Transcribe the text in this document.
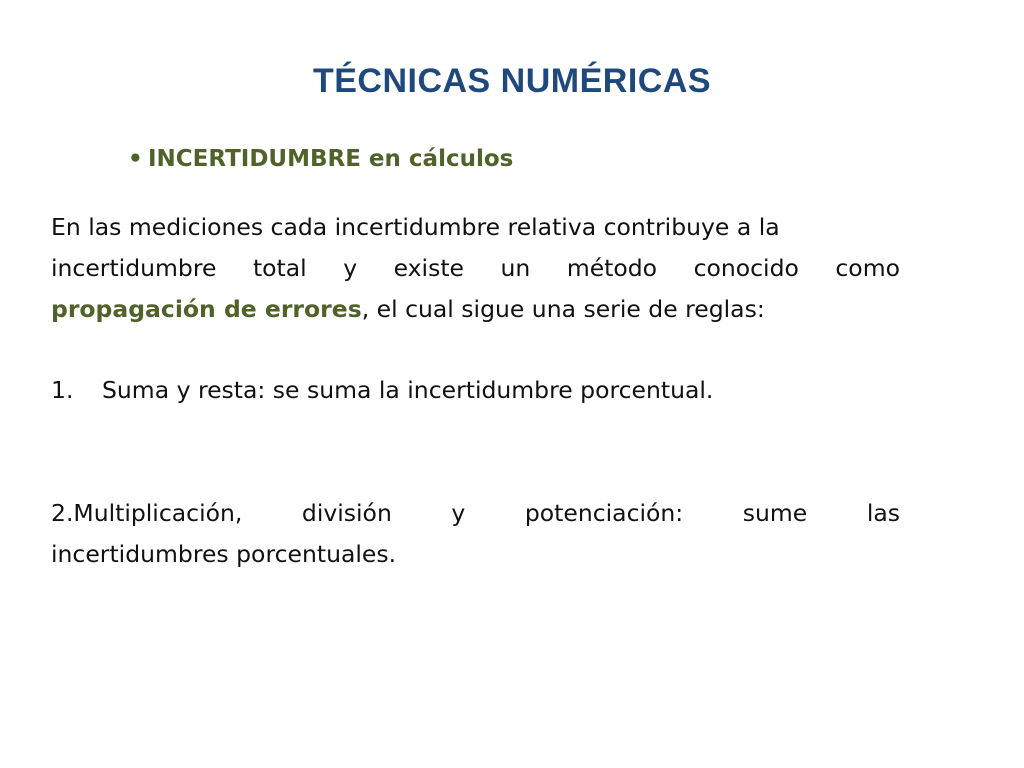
TÉCNICAS NUMÉRICAS
• INCERTIDUMBRE en cálculos
En las mediciones cada incertidumbre relativa contribuye a la
incertidumbre total y existe un método conocido como
propagación de errores, el cual sigue una serie de reglas:
1. Suma y resta: se suma la incertidumbre porcentual.
2.Multiplicación,	división	y	potenciación:	sume	las
incertidumbres porcentuales.
